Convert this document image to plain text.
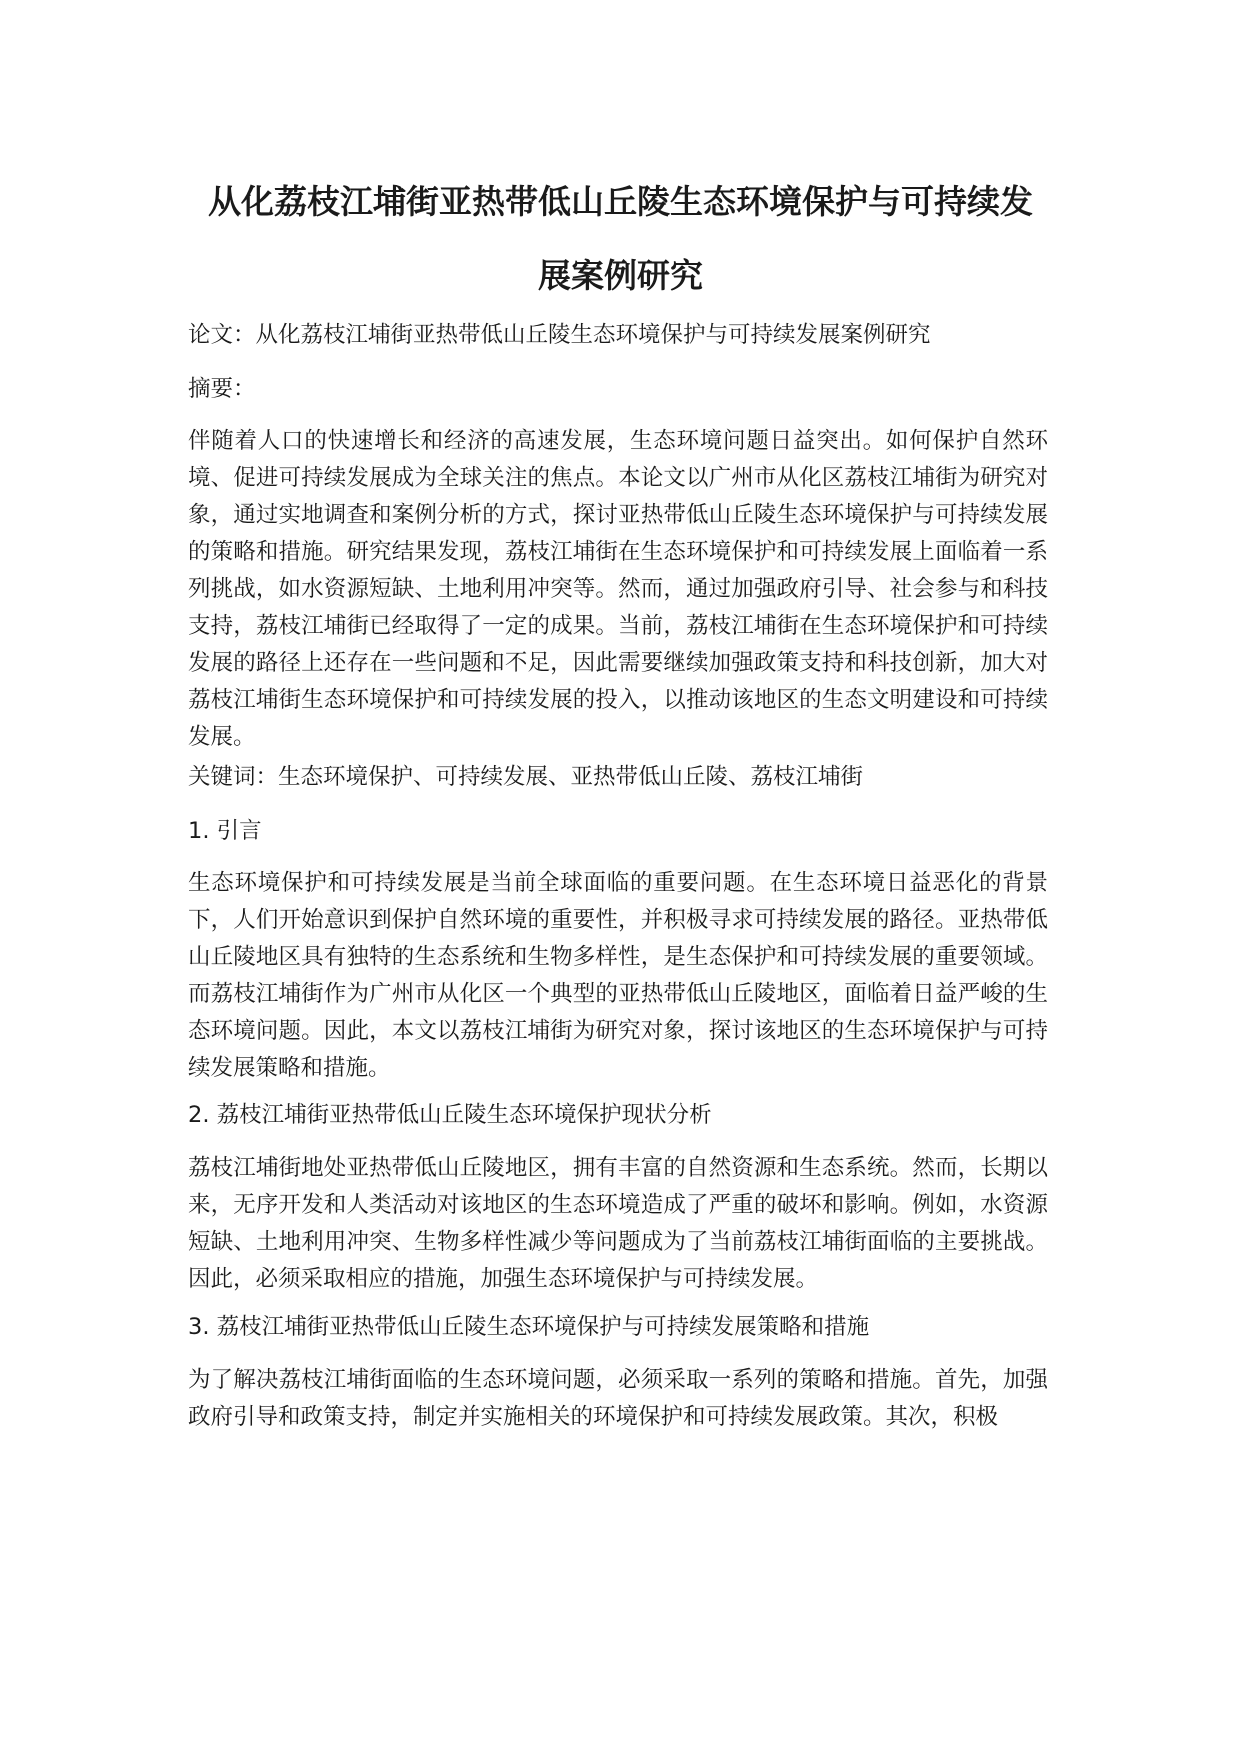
从化荔枝江埔街亚热带低山丘陵生态环境保护与可持续发
展案例研究

论文：从化荔枝江埔街亚热带低山丘陵生态环境保护与可持续发展案例研究

摘要：

伴随着人口的快速增长和经济的高速发展，生态环境问题日益突出。如何保护自然环境、促进可持续发展成为全球关注的焦点。本论文以广州市从化区荔枝江埔街为研究对象，通过实地调查和案例分析的方式，探讨亚热带低山丘陵生态环境保护与可持续发展的策略和措施。研究结果发现，荔枝江埔街在生态环境保护和可持续发展上面临着一系列挑战，如水资源短缺、土地利用冲突等。然而，通过加强政府引导、社会参与和科技支持，荔枝江埔街已经取得了一定的成果。当前，荔枝江埔街在生态环境保护和可持续发展的路径上还存在一些问题和不足，因此需要继续加强政策支持和科技创新，加大对荔枝江埔街生态环境保护和可持续发展的投入，以推动该地区的生态文明建设和可持续发展。

关键词：生态环境保护、可持续发展、亚热带低山丘陵、荔枝江埔街

1. 引言

生态环境保护和可持续发展是当前全球面临的重要问题。在生态环境日益恶化的背景下，人们开始意识到保护自然环境的重要性，并积极寻求可持续发展的路径。亚热带低山丘陵地区具有独特的生态系统和生物多样性，是生态保护和可持续发展的重要领域。而荔枝江埔街作为广州市从化区一个典型的亚热带低山丘陵地区，面临着日益严峻的生态环境问题。因此，本文以荔枝江埔街为研究对象，探讨该地区的生态环境保护与可持续发展策略和措施。

2. 荔枝江埔街亚热带低山丘陵生态环境保护现状分析

荔枝江埔街地处亚热带低山丘陵地区，拥有丰富的自然资源和生态系统。然而，长期以来，无序开发和人类活动对该地区的生态环境造成了严重的破坏和影响。例如，水资源短缺、土地利用冲突、生物多样性减少等问题成为了当前荔枝江埔街面临的主要挑战。因此，必须采取相应的措施，加强生态环境保护与可持续发展。

3. 荔枝江埔街亚热带低山丘陵生态环境保护与可持续发展策略和措施

为了解决荔枝江埔街面临的生态环境问题，必须采取一系列的策略和措施。首先，加强政府引导和政策支持，制定并实施相关的环境保护和可持续发展政策。其次，积极
